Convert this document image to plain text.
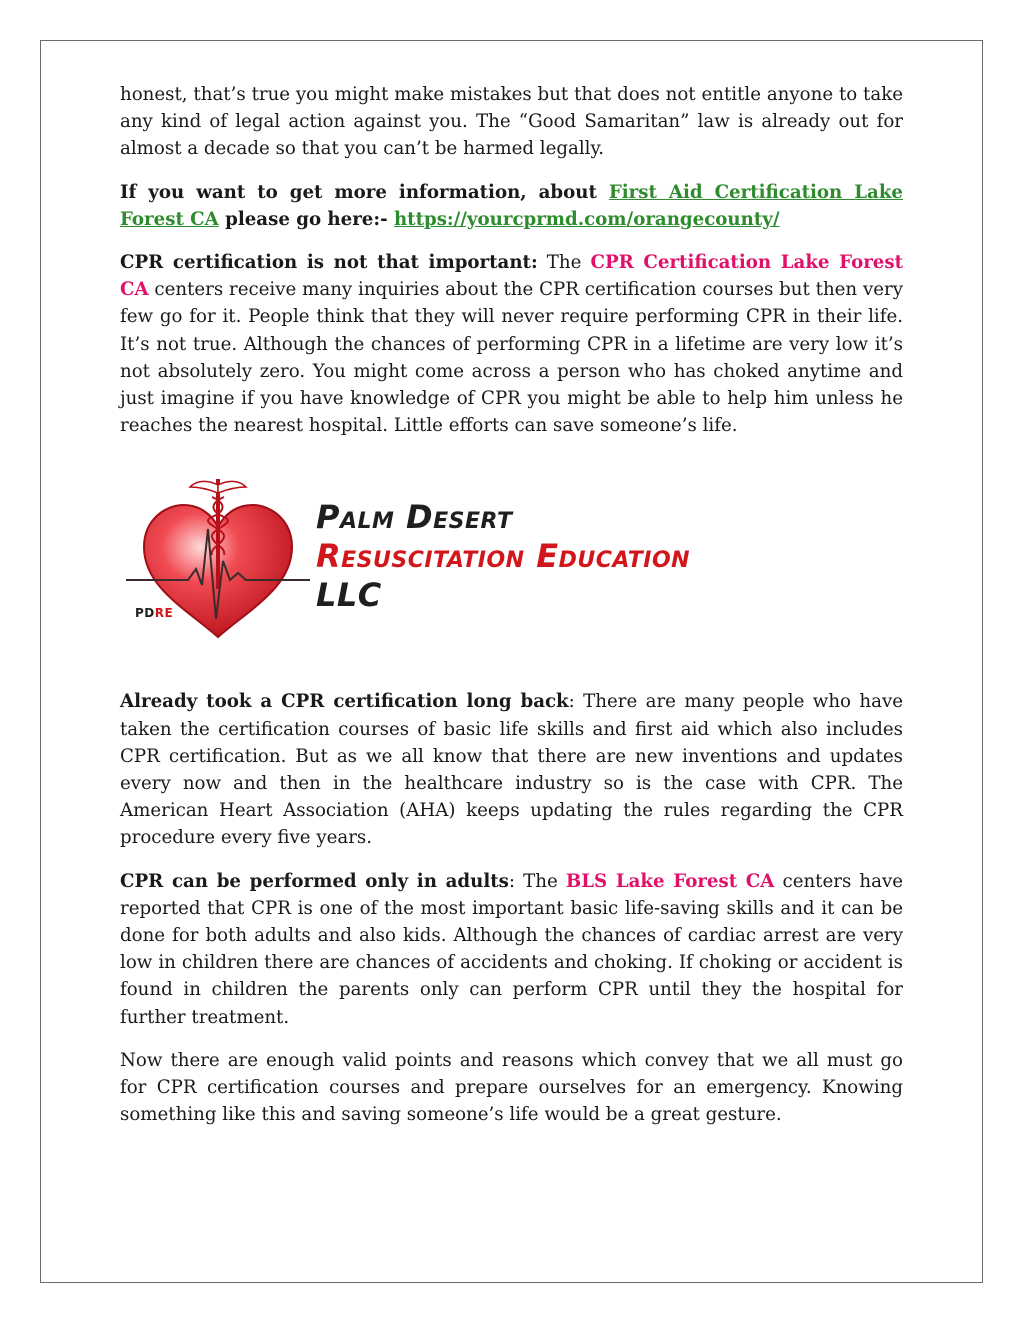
honest, that’s true you might make mistakes but that does not entitle anyone to take any kind of legal action against you. The “Good Samaritan” law is already out for almost a decade so that you can’t be harmed legally.

If you want to get more information, about First Aid Certification Lake Forest CA please go here:- https://yourcprmd.com/orangecounty/

CPR certification is not that important: The CPR Certification Lake Forest CA centers receive many inquiries about the CPR certification courses but then very few go for it. People think that they will never require performing CPR in their life. It’s not true. Although the chances of performing CPR in a lifetime are very low it’s not absolutely zero. You might come across a person who has choked anytime and just imagine if you have knowledge of CPR you might be able to help him unless he reaches the nearest hospital. Little efforts can save someone’s life.

PDRE
Palm Desert
Resuscitation Education
LLC

Already took a CPR certification long back: There are many people who have taken the certification courses of basic life skills and first aid which also includes CPR certification. But as we all know that there are new inventions and updates every now and then in the healthcare industry so is the case with CPR. The American Heart Association (AHA) keeps updating the rules regarding the CPR procedure every five years.

CPR can be performed only in adults: The BLS Lake Forest CA centers have reported that CPR is one of the most important basic life-saving skills and it can be done for both adults and also kids. Although the chances of cardiac arrest are very low in children there are chances of accidents and choking. If choking or accident is found in children the parents only can perform CPR until they the hospital for further treatment.

Now there are enough valid points and reasons which convey that we all must go for CPR certification courses and prepare ourselves for an emergency. Knowing something like this and saving someone’s life would be a great gesture.
